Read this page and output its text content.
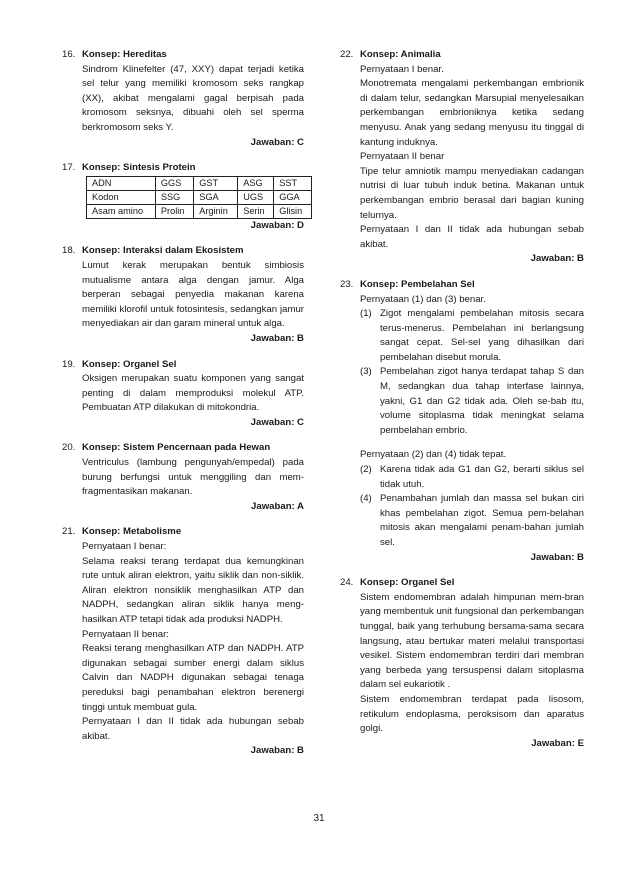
16. Konsep: Hereditas
Sindrom Klinefelter (47, XXY) dapat terjadi ketika sel telur yang memiliki kromosom seks rangkap (XX), akibat mengalami gagal berpisah pada kromosom seksnya, dibuahi oleh sel sperma berkromosom seks Y.
Jawaban: C
17. Konsep: Sintesis Protein
ADN	GGS	GST	ASG	SST
Kodon	SSG	SGA	UGS	GGA
Asam amino	Prolin	Arginin	Serin	Glisin
Jawaban: D
18. Konsep: Interaksi dalam Ekosistem
Lumut kerak merupakan bentuk simbiosis mutualisme antara alga dengan jamur. Alga berperan sebagai penyedia makanan karena memiliki klorofil untuk fotosintesis, sedangkan jamur menyediakan air dan garam mineral untuk alga.
Jawaban: B
19. Konsep: Organel Sel
Oksigen merupakan suatu komponen yang sangat penting di dalam memproduksi molekul ATP. Pembuatan ATP dilakukan di mitokondria.
Jawaban: C
20. Konsep: Sistem Pencernaan pada Hewan
Ventriculus (lambung pengunyah/empedal) pada burung berfungsi untuk menggiling dan mem-fragmentasikan makanan.
Jawaban: A
21. Konsep: Metabolisme
Pernyataan I benar:
Selama reaksi terang terdapat dua kemungkinan rute untuk aliran elektron, yaitu siklik dan non-siklik. Aliran elektron nonsiklik menghasilkan ATP dan NADPH, sedangkan aliran siklik hanya meng-hasilkan ATP tetapi tidak ada produksi NADPH.
Pernyataan II benar:
Reaksi terang menghasilkan ATP dan NADPH. ATP digunakan sebagai sumber energi dalam siklus Calvin dan NADPH digunakan sebagai tenaga pereduksi bagi penambahan elektron berenergi tinggi untuk membuat gula.
Pernyataan I dan II tidak ada hubungan sebab akibat.
Jawaban: B
22. Konsep: Animalia
Pernyataan I benar.
Monotremata mengalami perkembangan embrionik di dalam telur, sedangkan Marsupial menyelesaikan perkembangan embrioniknya ketika sedang menyusu. Anak yang sedang menyusu itu tinggal di kantung induknya.
Pernyataan II benar
Tipe telur amniotik mampu menyediakan cadangan nutrisi di luar tubuh induk betina. Makanan untuk perkembangan embrio berasal dari bagian kuning telurnya.
Pernyataan I dan II tidak ada hubungan sebab akibat.
Jawaban: B
23. Konsep: Pembelahan Sel
Pernyataan (1) dan (3) benar.
(1) Zigot mengalami pembelahan mitosis secara terus-menerus. Pembelahan ini berlangsung sangat cepat. Sel-sel yang dihasilkan dari pembelahan disebut morula.
(3) Pembelahan zigot hanya terdapat tahap S dan M, sedangkan dua tahap interfase lainnya, yakni, G1 dan G2 tidak ada. Oleh se-bab itu, volume sitoplasma tidak meningkat selama pembelahan embrio.
Pernyataan (2) dan (4) tidak tepat.
(2) Karena tidak ada G1 dan G2, berarti siklus sel tidak utuh.
(4) Penambahan jumlah dan massa sel bukan ciri khas pembelahan zigot. Semua pem-belahan mitosis akan mengalami penam-bahan jumlah sel.
Jawaban: B
24. Konsep: Organel Sel
Sistem endomembran adalah himpunan mem-bran yang membentuk unit fungsional dan perkembangan tunggal, baik yang terhubung bersama-sama secara langsung, atau bertukar materi melalui transportasi vesikel. Sistem endomembran terdiri dari membran yang berbeda yang tersuspensi dalam sitoplasma dalam sel eukariotik .
Sistem endomembran terdapat pada lisosom, retikulum endoplasma, peroksisom dan aparatus golgi.
Jawaban: E
31
